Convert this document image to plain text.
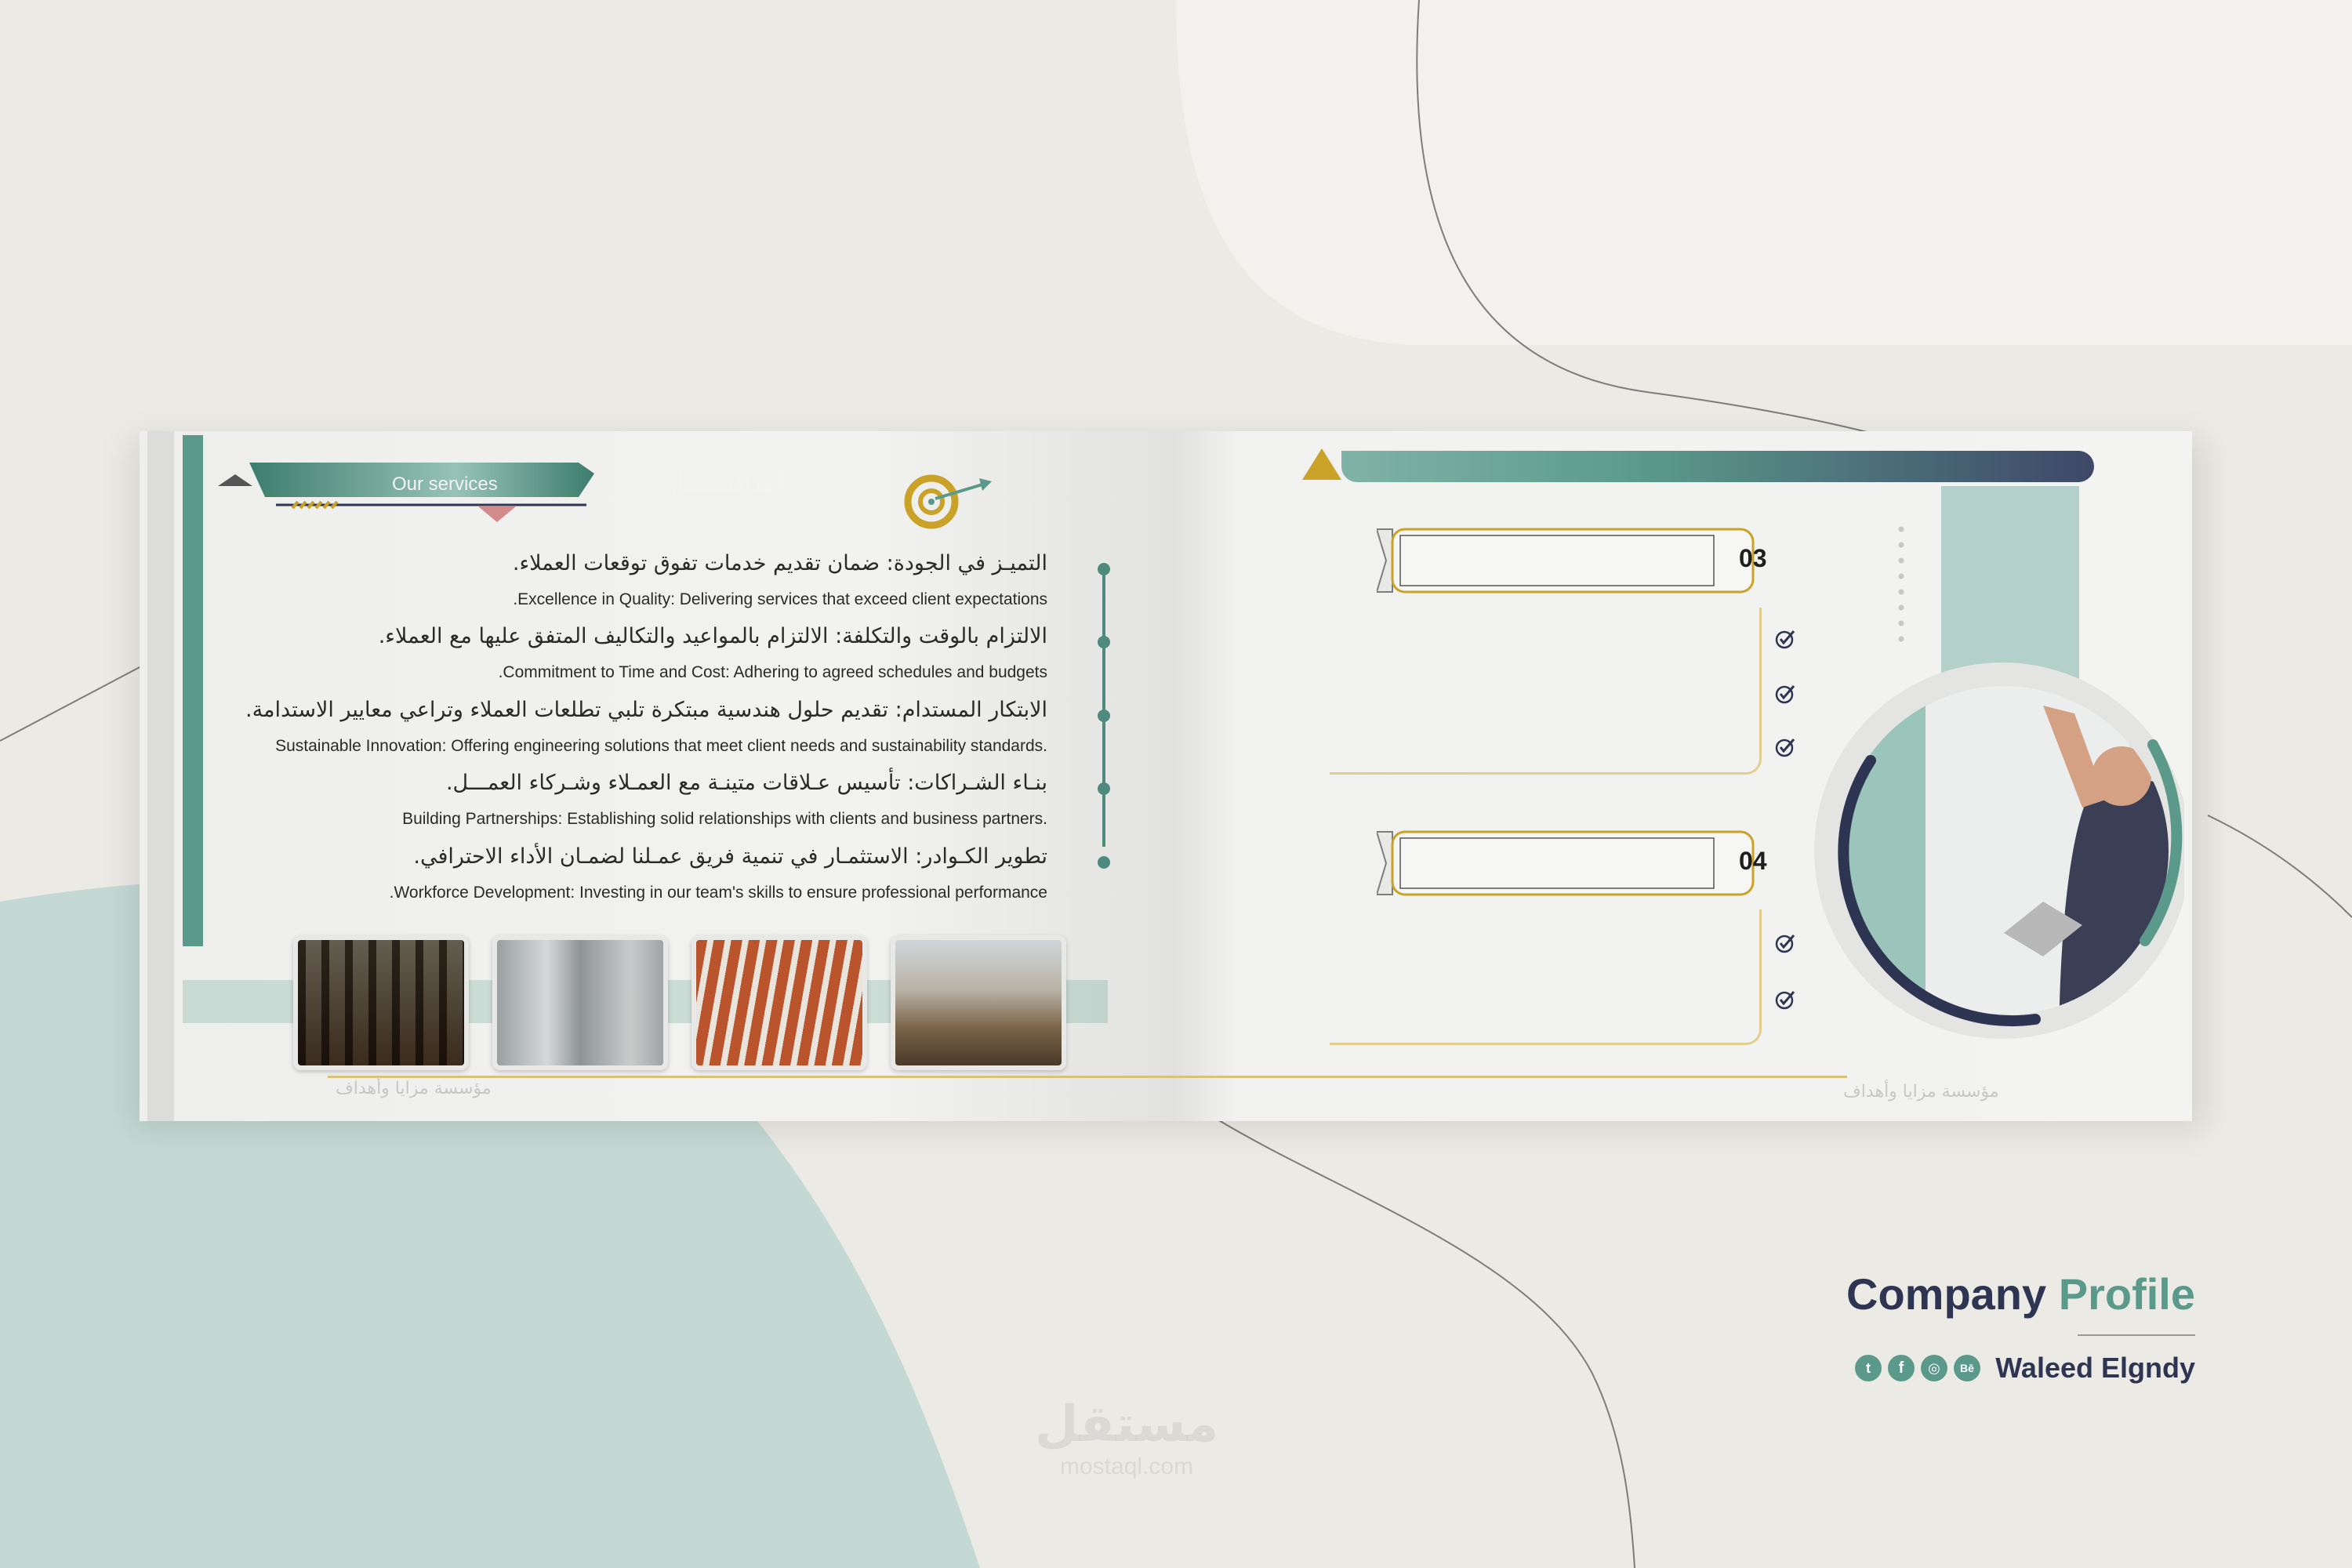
مستقل
mostaql.com
Our services	أهدافنــــــا:
التميـز في الجودة: ضمان تقديم خدمات تفوق توقعات العملاء.
.Excellence in Quality: Delivering services that exceed client expectations
الالتزام بالوقت والتكلفة: الالتزام بالمواعيد والتكاليف المتفق عليها مع العملاء.
.Commitment to Time and Cost: Adhering to agreed schedules and budgets
الابتكار المستدام: تقديم حلول هندسية مبتكرة تلبي تطلعات العملاء وتراعي معايير الاستدامة.
Sustainable Innovation: Offering engineering solutions that meet client needs and sustainability standards.
بنـاء الشـراكات: تأسيس عـلاقات متينـة مع العمـلاء وشـركاء العمـــل.
Building Partnerships: Establishing solid relationships with clients and business partners.
تطوير الكـوادر: الاستثمـار في تنمية فريق عمـلنا لضمـان الأداء الاحترافي.
.Workforce Development: Investing in our team's skills to ensure professional performance
مؤسسة مزايا وأهداف
03
04
مؤسسة مزايا وأهداف
Company Profile
t	f	◎	Bē Waleed Elgndy
